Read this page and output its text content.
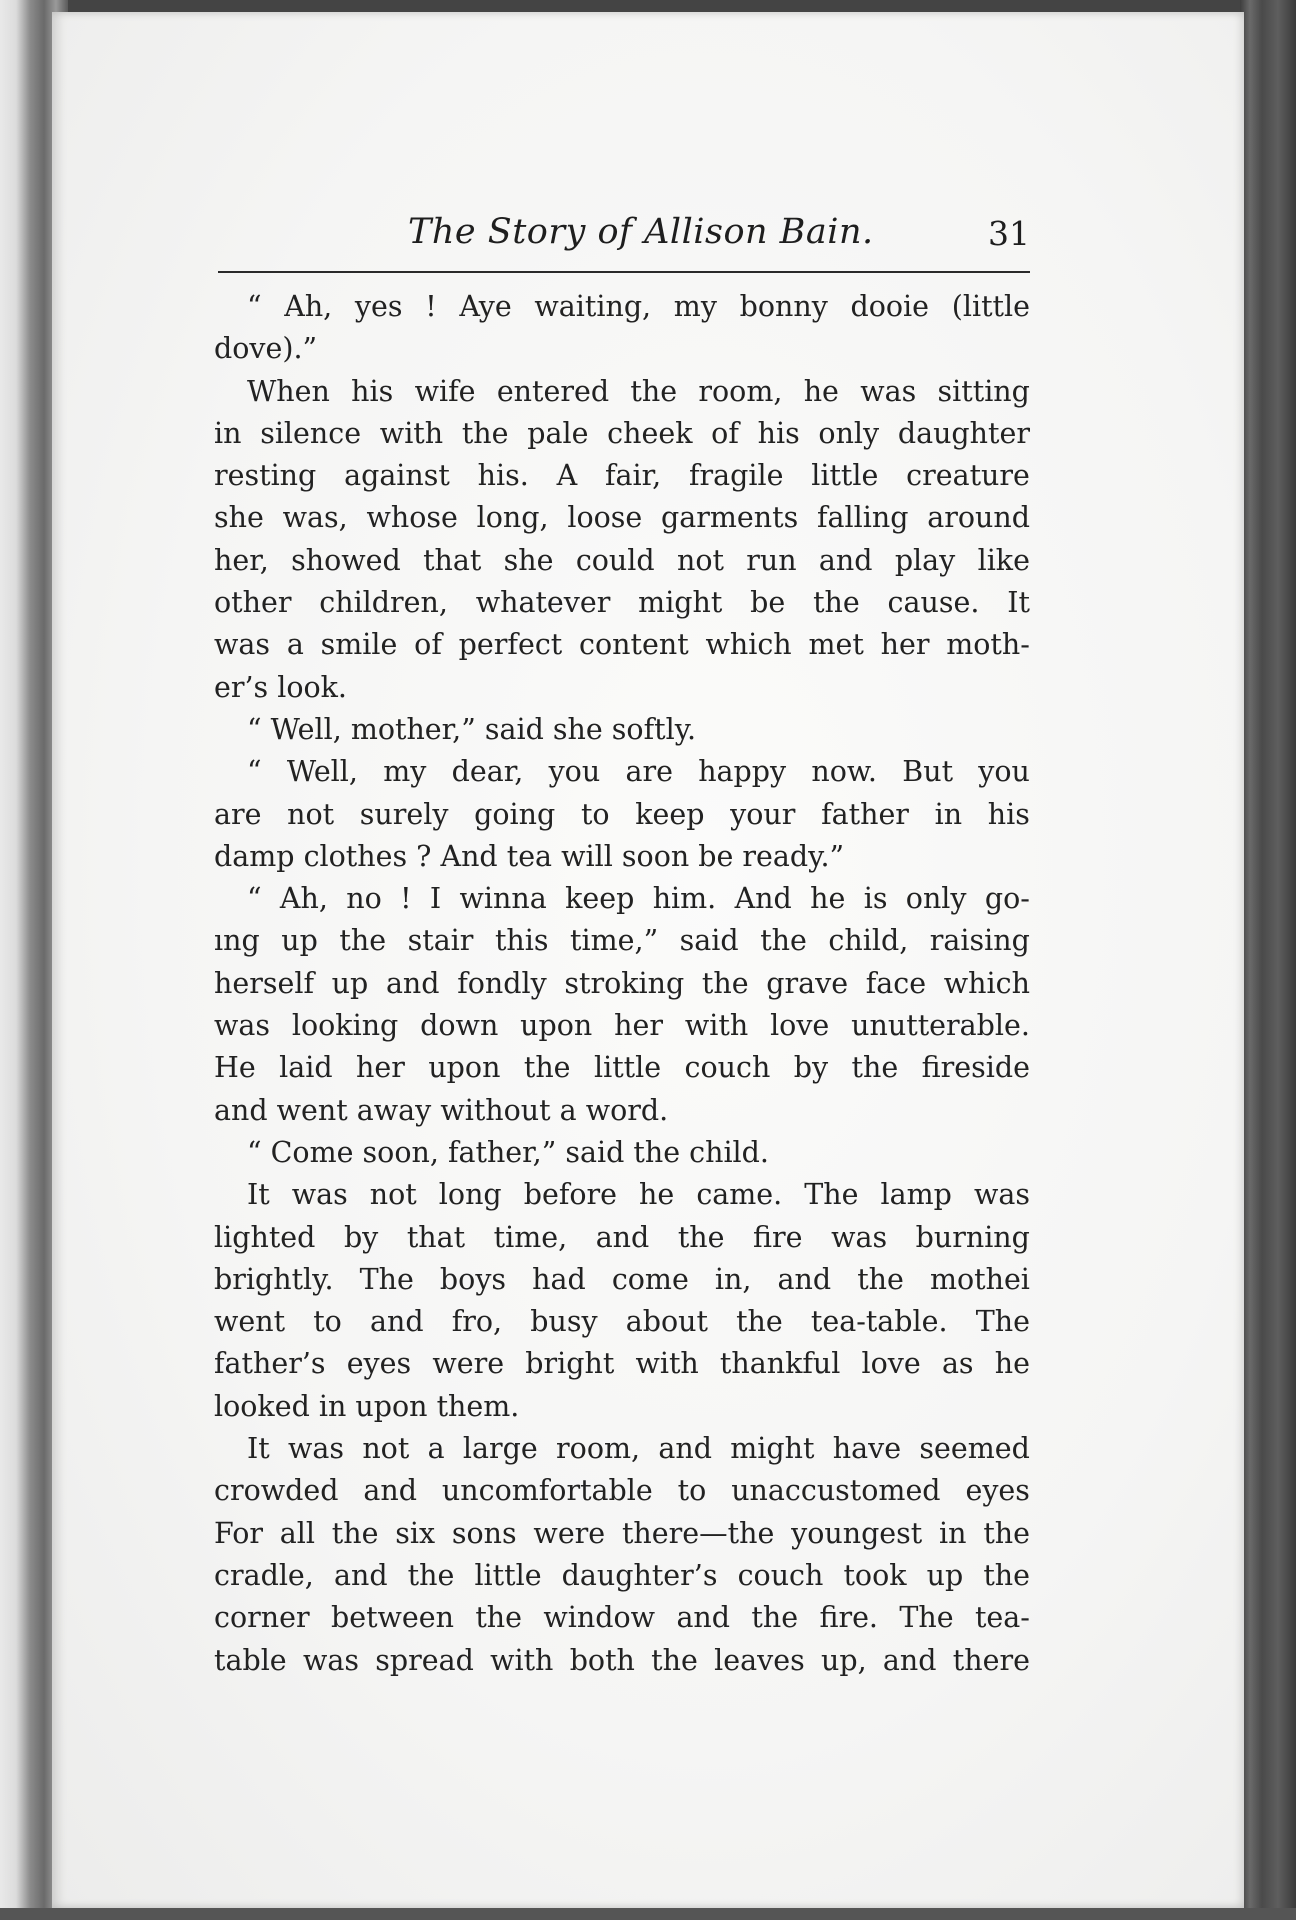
The Story of Allison Bain.	31
“ Ah, yes ! Aye waiting, my bonny dooie (little
dove).”
When his wife entered the room, he was sitting
in silence with the pale cheek of his only daughter
resting against his. A fair, fragile little creature
she was, whose long, loose garments falling around
her, showed that she could not run and play like
other children, whatever might be the cause. It
was a smile of perfect content which met her moth-
er’s look.
“ Well, mother,” said she softly.
“ Well, my dear, you are happy now. But you
are not surely going to keep your father in his
damp clothes ? And tea will soon be ready.”
“ Ah, no ! I winna keep him. And he is only go-
ıng up the stair this time,” said the child, raising
herself up and fondly stroking the grave face which
was looking down upon her with love unutterable.
He laid her upon the little couch by the fireside
and went away without a word.
“ Come soon, father,” said the child.
It was not long before he came. The lamp was
lighted by that time, and the fire was burning
brightly. The boys had come in, and the mothei
went to and fro, busy about the tea-table. The
father’s eyes were bright with thankful love as he
looked in upon them.
It was not a large room, and might have seemed
crowded and uncomfortable to unaccustomed eyes
For all the six sons were there—the youngest in the
cradle, and the little daughter’s couch took up the
corner between the window and the fire. The tea-
table was spread with both the leaves up, and there
